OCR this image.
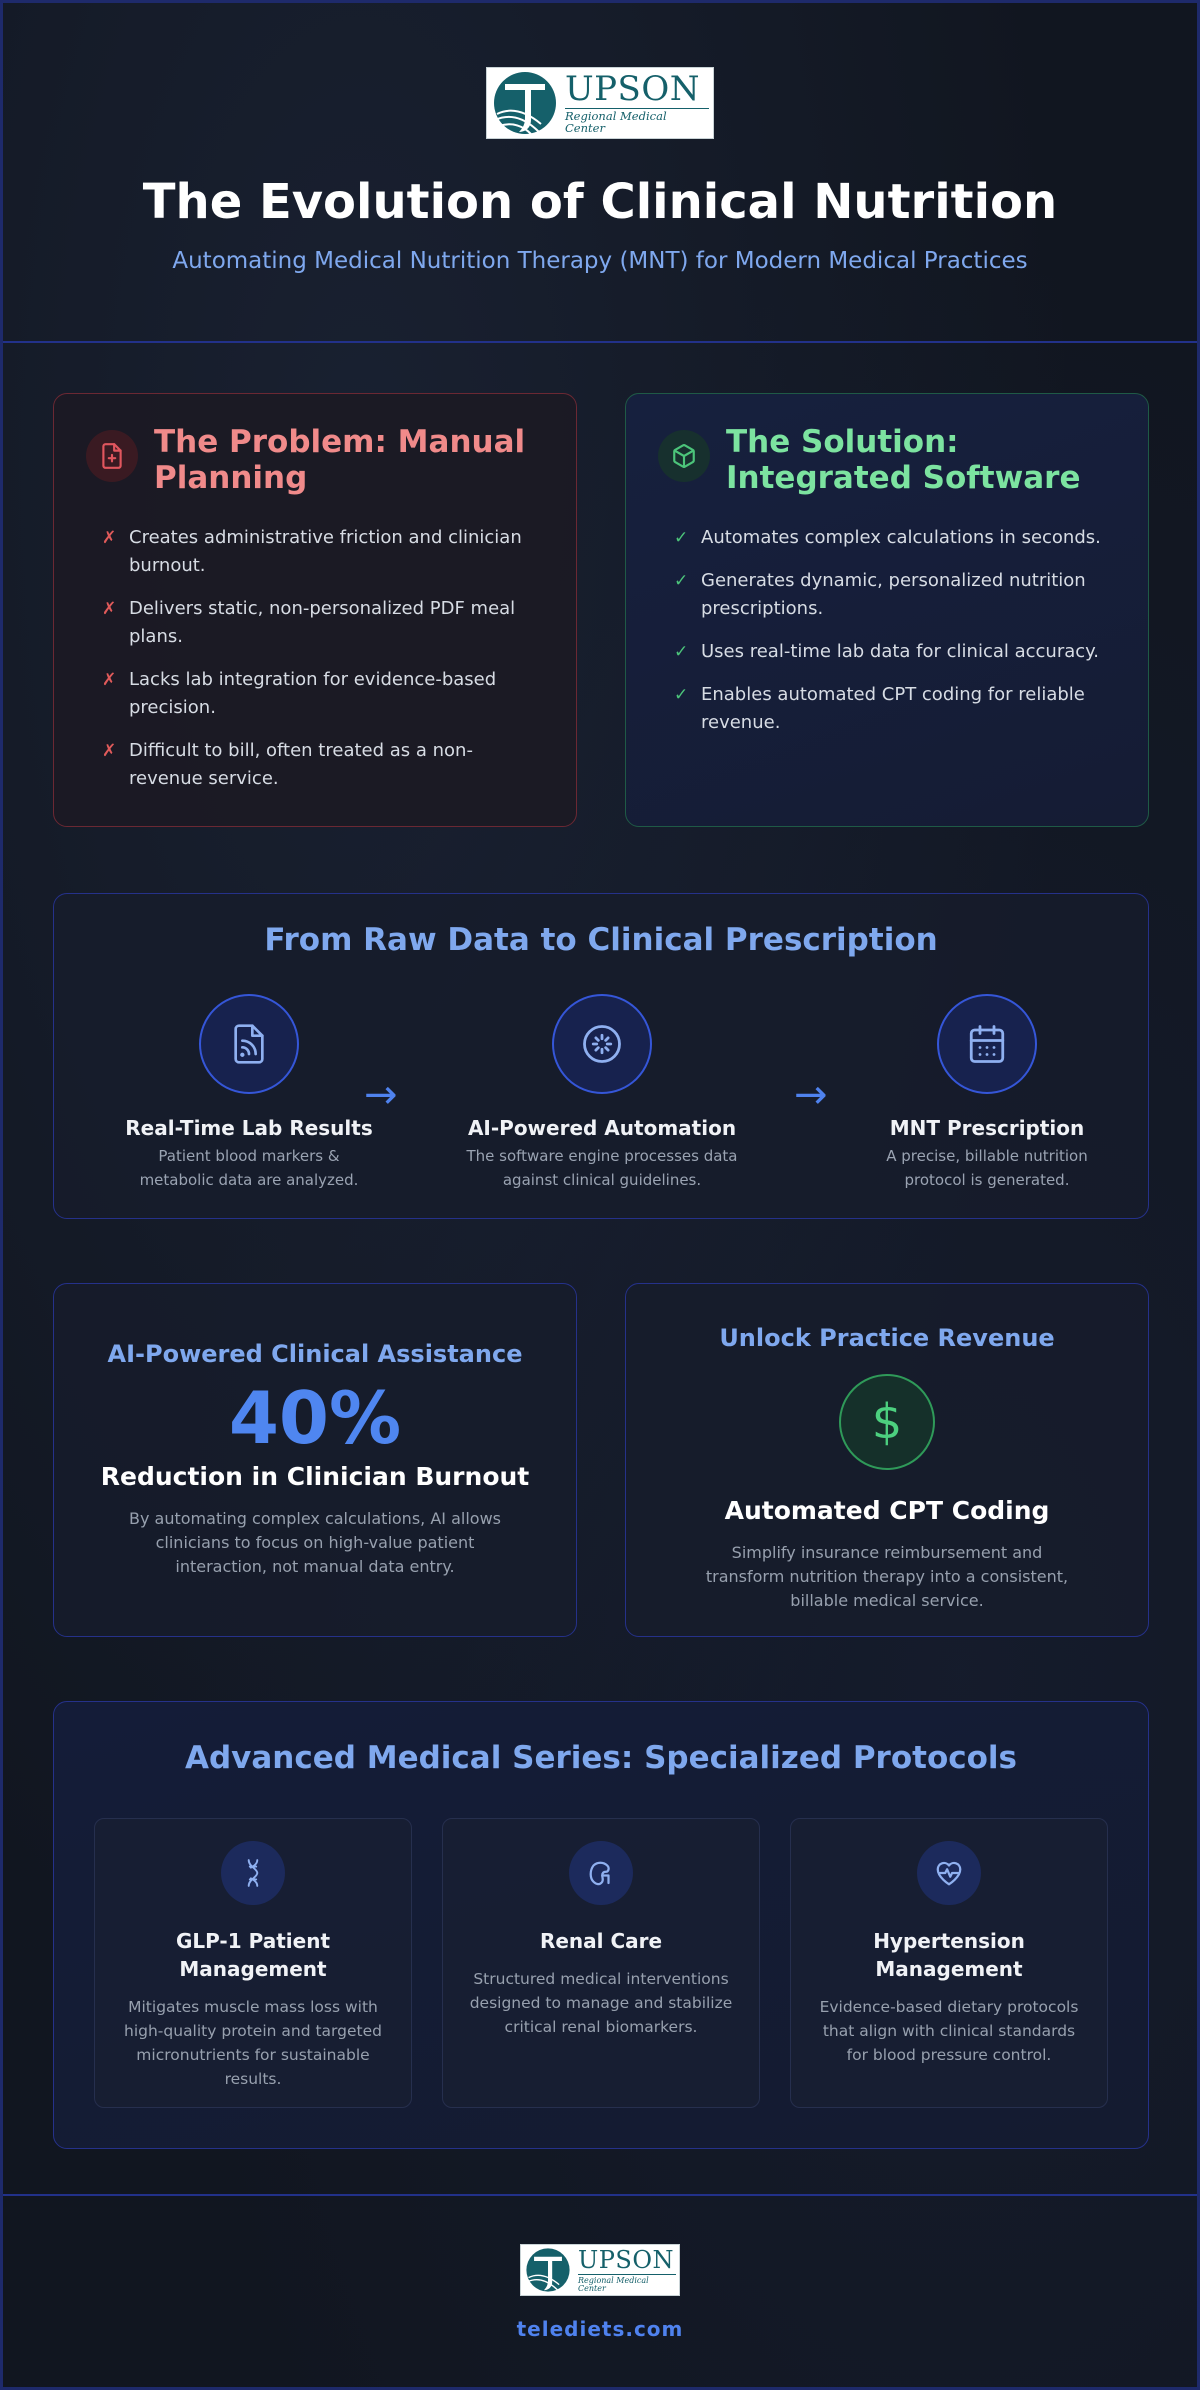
UPSON
Regional Medical Center
The Evolution of Clinical Nutrition
Automating Medical Nutrition Therapy (MNT) for Modern Medical Practices
The Problem: Manual Planning
✗ Creates administrative friction and clinician burnout.
✗ Delivers static, non-personalized PDF meal plans.
✗ Lacks lab integration for evidence-based precision.
✗ Difficult to bill, often treated as a non-revenue service.
The Solution: Integrated Software
✓ Automates complex calculations in seconds.
✓ Generates dynamic, personalized nutrition prescriptions.
✓ Uses real-time lab data for clinical accuracy.
✓ Enables automated CPT coding for reliable revenue.
From Raw Data to Clinical Prescription
Real-Time Lab Results
Patient blood markers & metabolic data are analyzed.
→
AI-Powered Automation
The software engine processes data against clinical guidelines.
→
MNT Prescription
A precise, billable nutrition protocol is generated.
AI-Powered Clinical Assistance
40%
Reduction in Clinician Burnout
By automating complex calculations, AI allows clinicians to focus on high-value patient interaction, not manual data entry.
Unlock Practice Revenue
$
Automated CPT Coding
Simplify insurance reimbursement and transform nutrition therapy into a consistent, billable medical service.
Advanced Medical Series: Specialized Protocols
GLP-1 Patient Management
Mitigates muscle mass loss with high-quality protein and targeted micronutrients for sustainable results.
Renal Care
Structured medical interventions designed to manage and stabilize critical renal biomarkers.
Hypertension Management
Evidence-based dietary protocols that align with clinical standards for blood pressure control.
UPSON
Regional Medical Center
telediets.com
